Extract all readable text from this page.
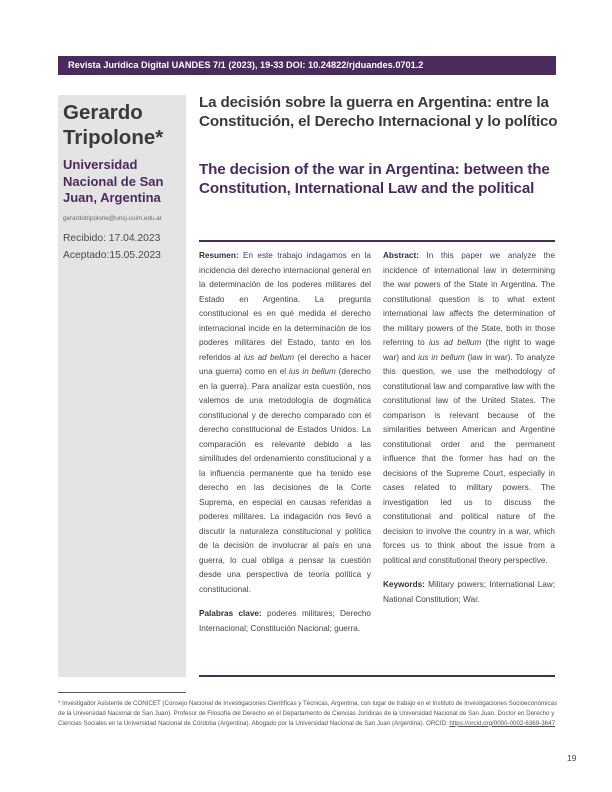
Revista Jurídica Digital UANDES 7/1 (2023), 19-33 DOI: 10.24822/rjduandes.0701.2
Gerardo Tripolone*
Universidad Nacional de San Juan, Argentina
gerardotripolone@unsj-cuim.edu.ar
Recibido: 17.04.2023
Aceptado:15.05.2023
La decisión sobre la guerra en Argentina: entre la Constitución, el Derecho Internacional y lo político
The decision of the war in Argentina: between the Constitution, International Law and the political
Resumen: En este trabajo indagamos en la incidencia del derecho internacional general en la determinación de los poderes militares del Estado en Argentina. La pregunta constitucional es en qué medida el derecho internacional incide en la determinación de los poderes militares del Estado, tanto en los referidos al ius ad bellum (el derecho a hacer una guerra) como en el ius in bellum (derecho en la guerra). Para analizar esta cuestión, nos valemos de una metodología de dogmática constitucional y de derecho comparado con el derecho constitucional de Estados Unidos. La comparación es relevante debido a las similitudes del ordenamiento constitucional y a la influencia permanente que ha tenido ese derecho en las decisiones de la Corte Suprema, en especial en causas referidas a poderes militares. La indagación nos llevó a discutir la naturaleza constitucional y política de la decisión de involucrar al país en una guerra, lo cual obliga a pensar la cuestión desde una perspectiva de teoría política y constitucional.
Palabras clave: poderes militares; Derecho Internacional; Constitución Nacional; guerra.
Abstract: In this paper we analyze the incidence of international law in determining the war powers of the State in Argentina. The constitutional question is to what extent international law affects the determination of the military powers of the State, both in those referring to ius ad bellum (the right to wage war) and ius in bellum (law in war). To analyze this question, we use the methodology of constitutional law and comparative law with the constitutional law of the United States. The comparison is relevant because of the similarities between American and Argentine constitutional order and the permanent influence that the former has had on the decisions of the Supreme Court, especially in cases related to military powers. The investigation led us to discuss the constitutional and political nature of the decision to involve the country in a war, which forces us to think about the issue from a political and constitutional theory perspective.
Keywords: Military powers; International Law; National Constitution; War.
* Investigador Asistente de CONICET (Consejo Nacional de Investigaciones Científicas y Técnicas, Argentina, con lugar de trabajo en el Instituto de Investigaciones Socioeconómicas de la Universidad Nacional de San Juan). Profesor de Filosofía del Derecho en el Departamento de Ciencias Jurídicas de la Universidad Nacional de San Juan. Doctor en Derecho y Ciencias Sociales en la Universidad Nacional de Córdoba (Argentina). Abogado por la Universidad Nacional de San Juan (Argentina). ORCID: https://orcid.org/0000-0002-6369-3647
19
